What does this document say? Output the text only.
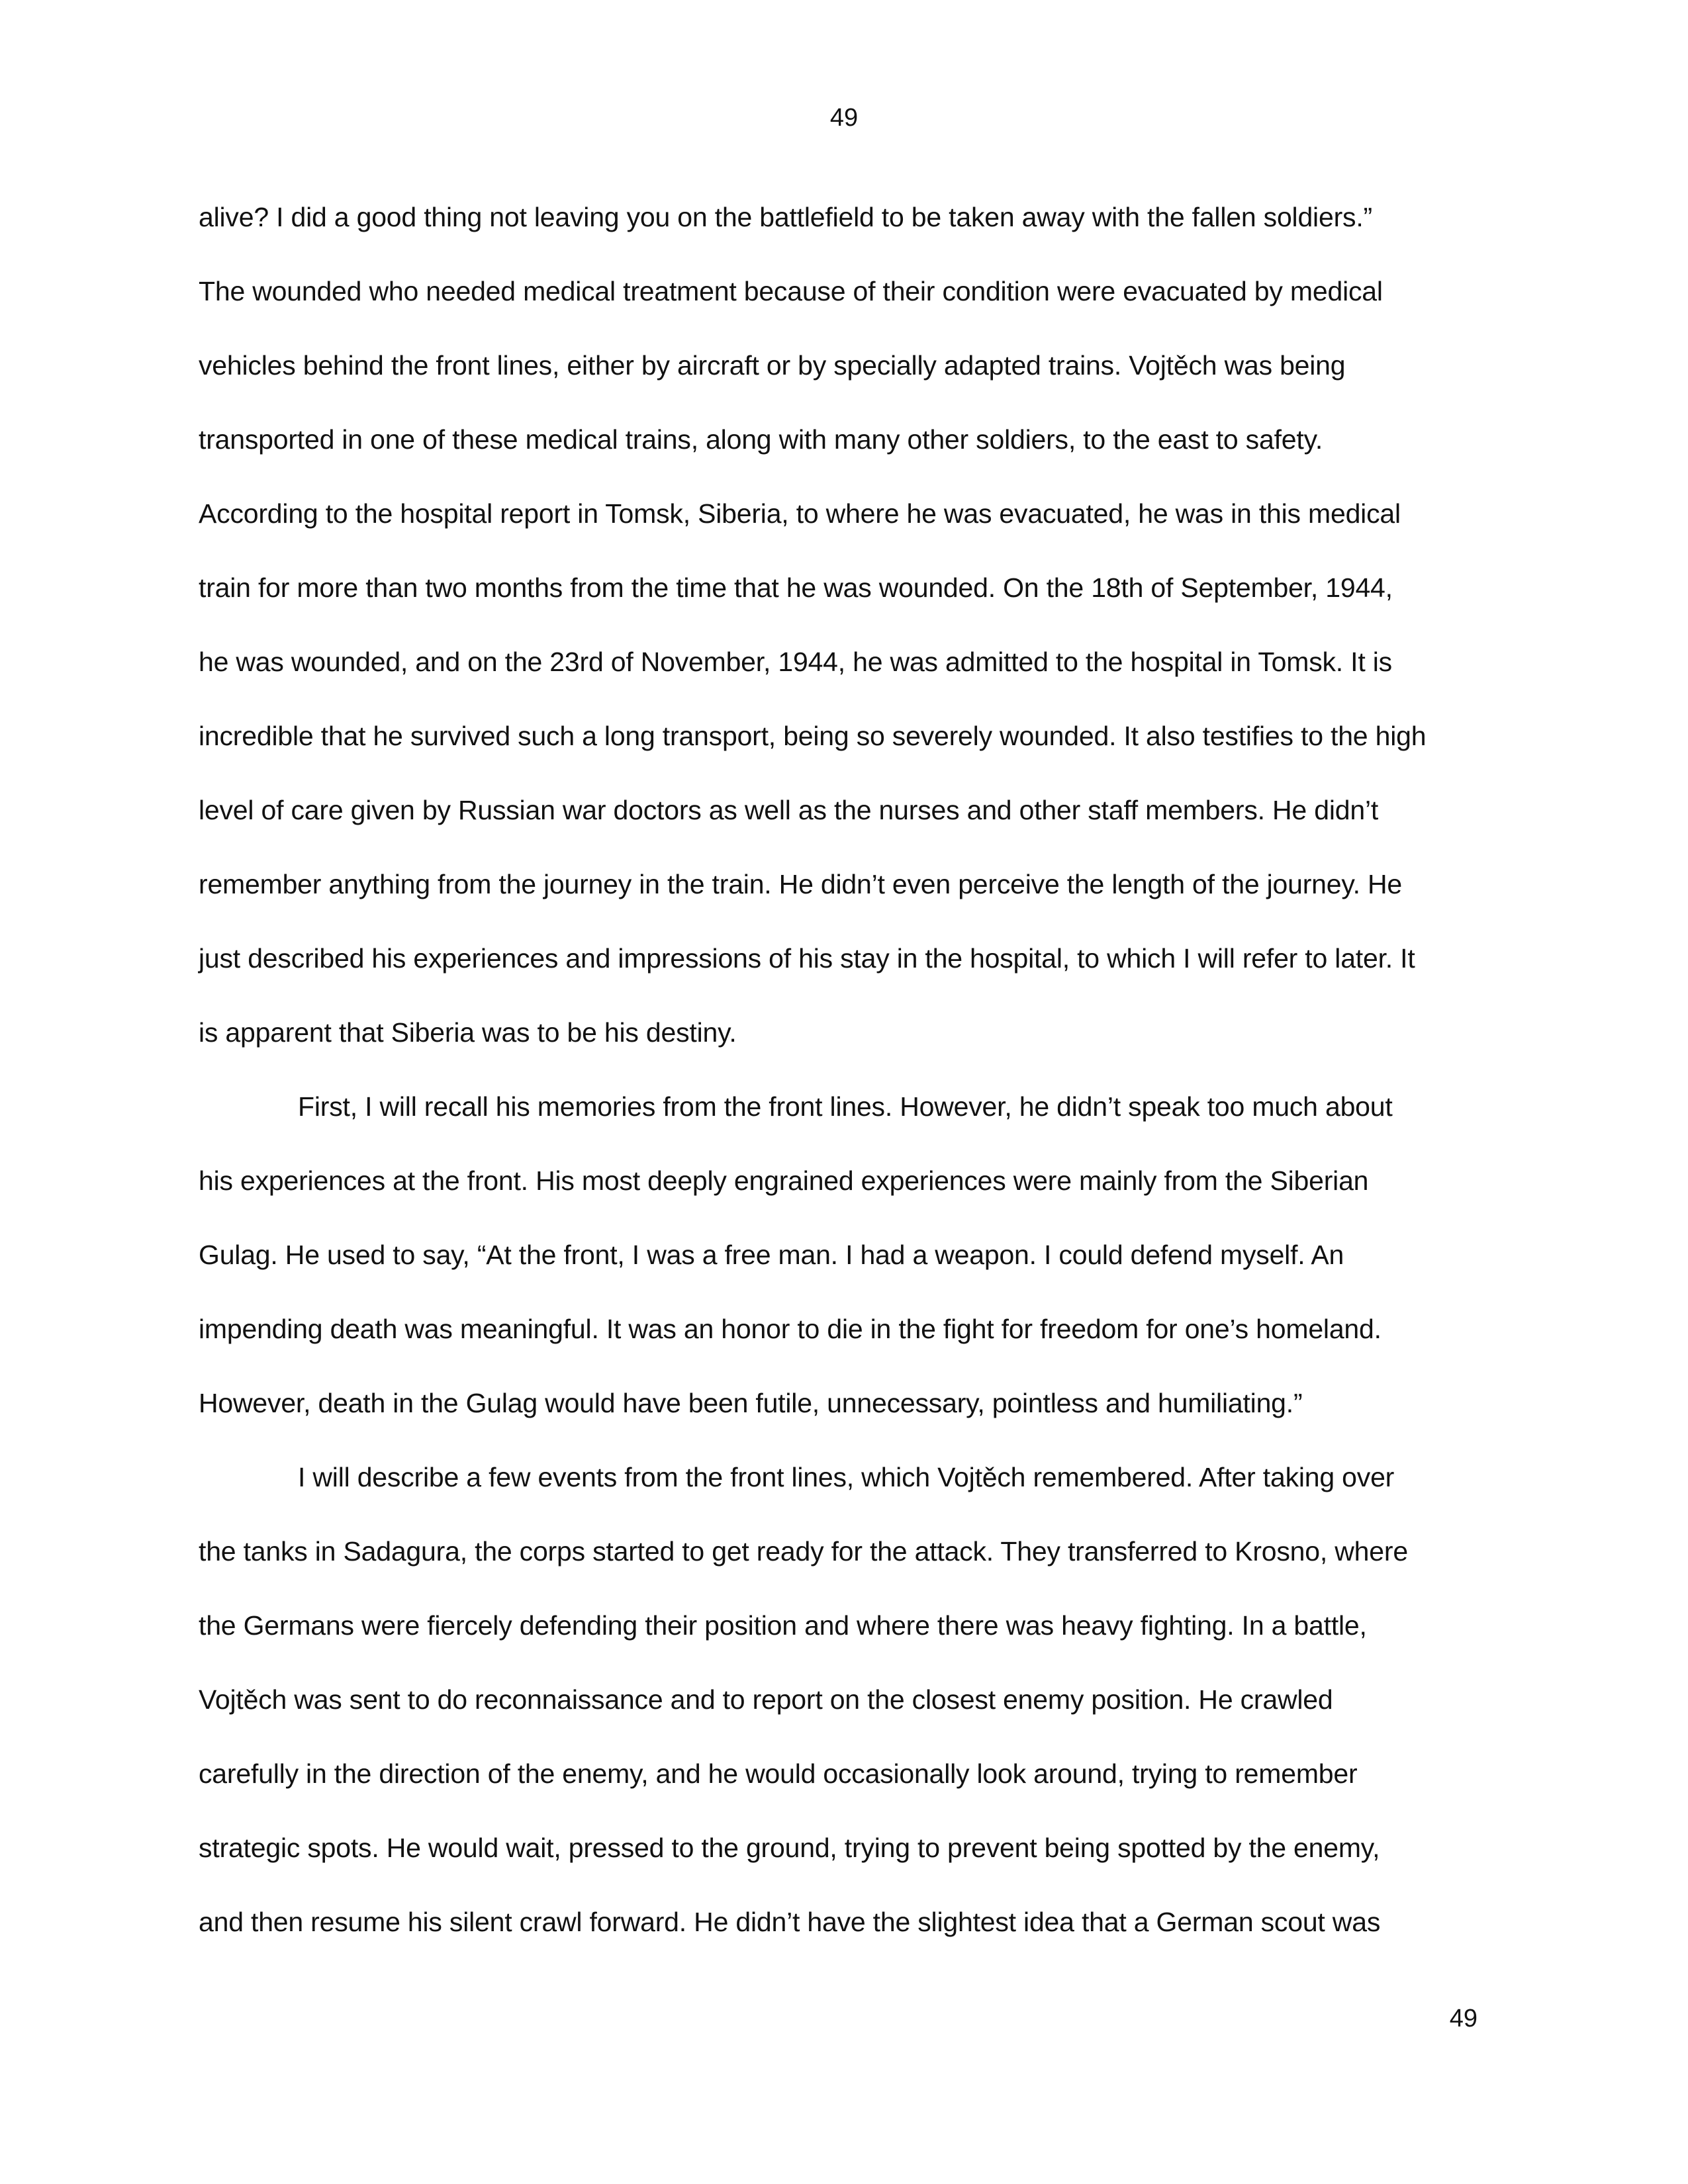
49
alive? I did a good thing not leaving you on the battlefield to be taken away with the fallen soldiers.”
The wounded who needed medical treatment because of their condition were evacuated by medical
vehicles behind the front lines, either by aircraft or by specially adapted trains. Vojtěch was being
transported in one of these medical trains, along with many other soldiers, to the east to safety.
According to the hospital report in Tomsk, Siberia, to where he was evacuated, he was in this medical
train for more than two months from the time that he was wounded. On the 18th of September, 1944,
he was wounded, and on the 23rd of November, 1944, he was admitted to the hospital in Tomsk. It is
incredible that he survived such a long transport, being so severely wounded. It also testifies to the high
level of care given by Russian war doctors as well as the nurses and other staff members. He didn’t
remember anything from the journey in the train. He didn’t even perceive the length of the journey. He
just described his experiences and impressions of his stay in the hospital, to which I will refer to later. It
is apparent that Siberia was to be his destiny.
First, I will recall his memories from the front lines. However, he didn’t speak too much about
his experiences at the front. His most deeply engrained experiences were mainly from the Siberian
Gulag. He used to say, “At the front, I was a free man. I had a weapon. I could defend myself. An
impending death was meaningful. It was an honor to die in the fight for freedom for one’s homeland.
However, death in the Gulag would have been futile, unnecessary, pointless and humiliating.”
I will describe a few events from the front lines, which Vojtěch remembered. After taking over
the tanks in Sadagura, the corps started to get ready for the attack. They transferred to Krosno, where
the Germans were fiercely defending their position and where there was heavy fighting. In a battle,
Vojtěch was sent to do reconnaissance and to report on the closest enemy position. He crawled
carefully in the direction of the enemy, and he would occasionally look around, trying to remember
strategic spots. He would wait, pressed to the ground, trying to prevent being spotted by the enemy,
and then resume his silent crawl forward. He didn’t have the slightest idea that a German scout was
49
